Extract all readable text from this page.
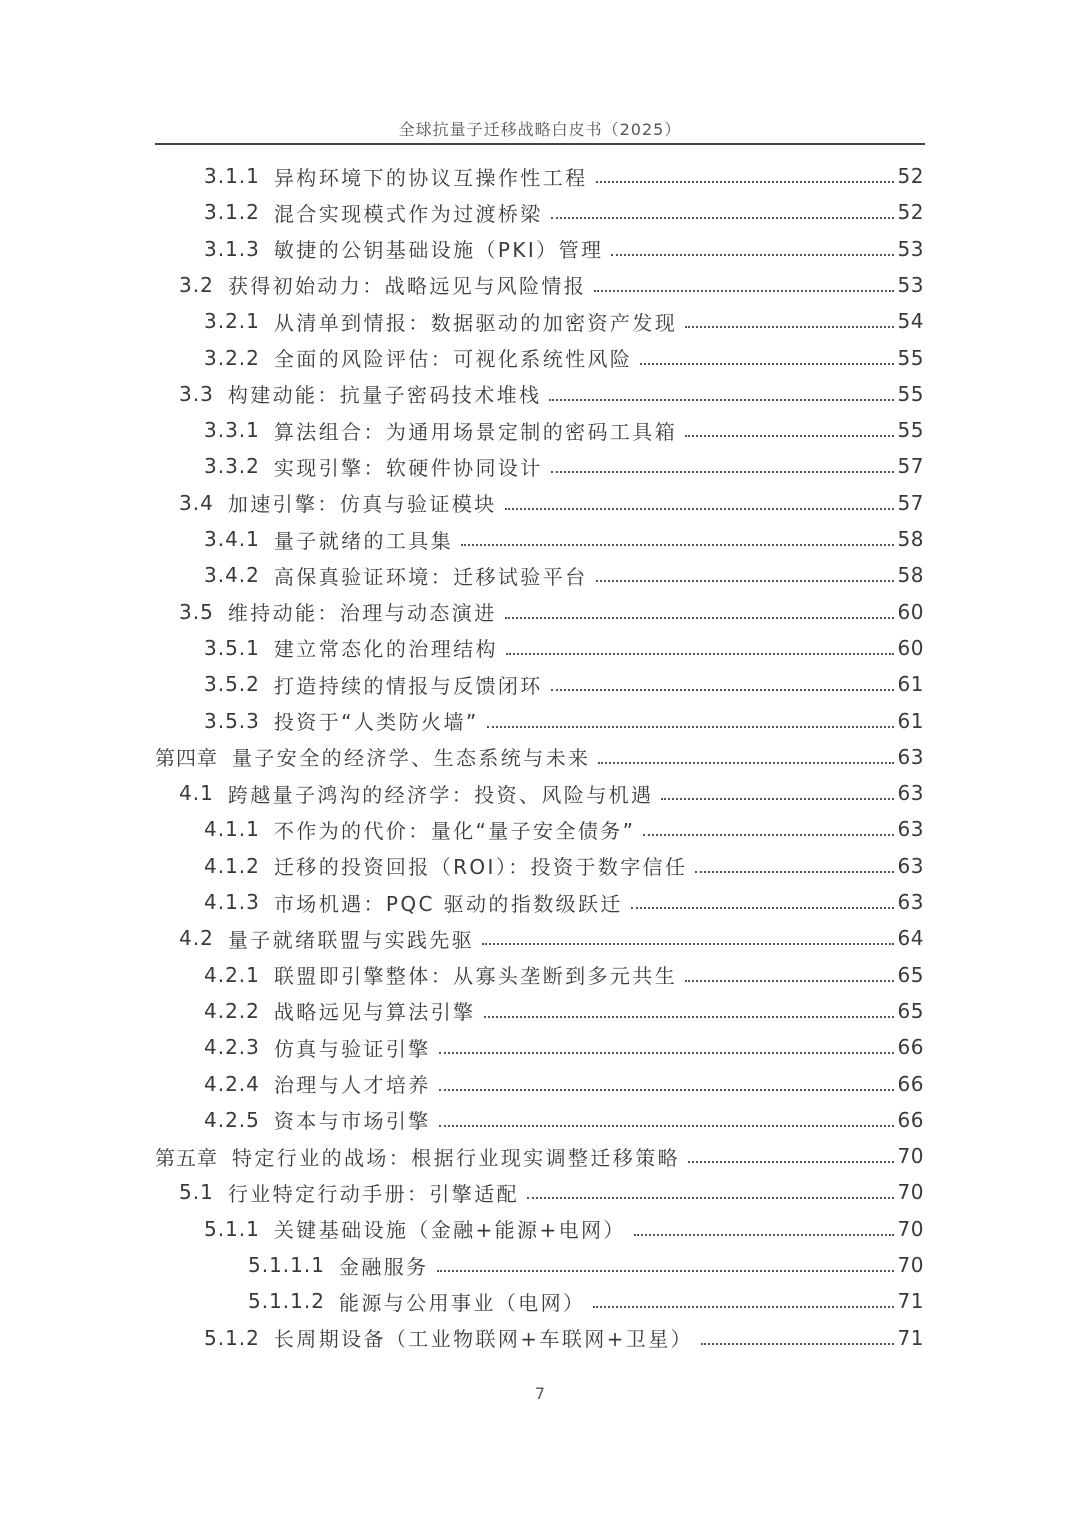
全球抗量子迁移战略白皮书（2025）
3.1.1 异构环境下的协议互操作性工程	52
3.1.2 混合实现模式作为过渡桥梁	52
3.1.3 敏捷的公钥基础设施（PKI）管理	53
3.2 获得初始动力：战略远见与风险情报	53
3.2.1 从清单到情报：数据驱动的加密资产发现	54
3.2.2 全面的风险评估：可视化系统性风险	55
3.3 构建动能：抗量子密码技术堆栈	55
3.3.1 算法组合：为通用场景定制的密码工具箱	55
3.3.2 实现引擎：软硬件协同设计	57
3.4 加速引擎：仿真与验证模块	57
3.4.1 量子就绪的工具集	58
3.4.2 高保真验证环境：迁移试验平台	58
3.5 维持动能：治理与动态演进	60
3.5.1 建立常态化的治理结构	60
3.5.2 打造持续的情报与反馈闭环	61
3.5.3 投资于“人类防火墙”	61
第四章 量子安全的经济学、生态系统与未来	63
4.1 跨越量子鸿沟的经济学：投资、风险与机遇	63
4.1.1 不作为的代价：量化“量子安全债务”	63
4.1.2 迁移的投资回报（ROI）：投资于数字信任	63
4.1.3 市场机遇：PQC 驱动的指数级跃迁	63
4.2 量子就绪联盟与实践先驱	64
4.2.1 联盟即引擎整体：从寡头垄断到多元共生	65
4.2.2 战略远见与算法引擎	65
4.2.3 仿真与验证引擎	66
4.2.4 治理与人才培养	66
4.2.5 资本与市场引擎	66
第五章 特定行业的战场：根据行业现实调整迁移策略	70
5.1 行业特定行动手册：引擎适配	70
5.1.1 关键基础设施（金融+能源+电网）	70
5.1.1.1 金融服务	70
5.1.1.2 能源与公用事业（电网）	71
5.1.2 长周期设备（工业物联网+车联网+卫星）	71
7
